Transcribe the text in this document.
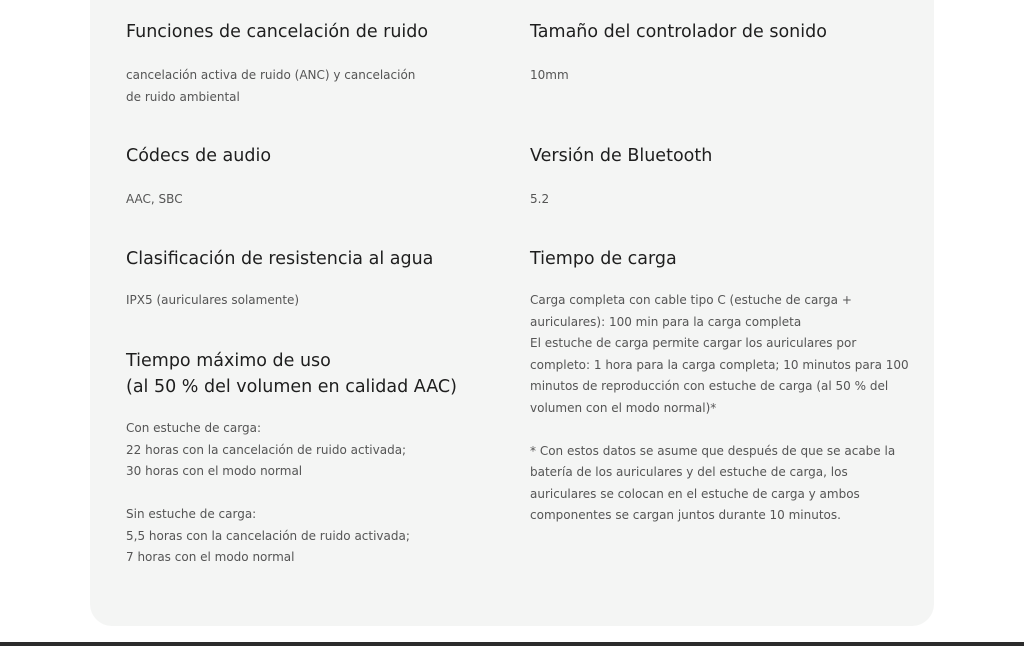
Funciones de cancelación de ruido
cancelación activa de ruido (ANC) y cancelación
de ruido ambiental
Tamaño del controlador de sonido
10mm
Códecs de audio
AAC, SBC
Versión de Bluetooth
5.2
Clasificación de resistencia al agua
IPX5 (auriculares solamente)
Tiempo de carga
Carga completa con cable tipo C (estuche de carga +
auriculares): 100 min para la carga completa
El estuche de carga permite cargar los auriculares por
completo: 1 hora para la carga completa; 10 minutos para 100
minutos de reproducción con estuche de carga (al 50 % del
volumen con el modo normal)*
* Con estos datos se asume que después de que se acabe la
batería de los auriculares y del estuche de carga, los
auriculares se colocan en el estuche de carga y ambos
componentes se cargan juntos durante 10 minutos.
Tiempo máximo de uso
(al 50 % del volumen en calidad AAC)
Con estuche de carga:
22 horas con la cancelación de ruido activada;
30 horas con el modo normal
Sin estuche de carga:
5,5 horas con la cancelación de ruido activada;
7 horas con el modo normal
